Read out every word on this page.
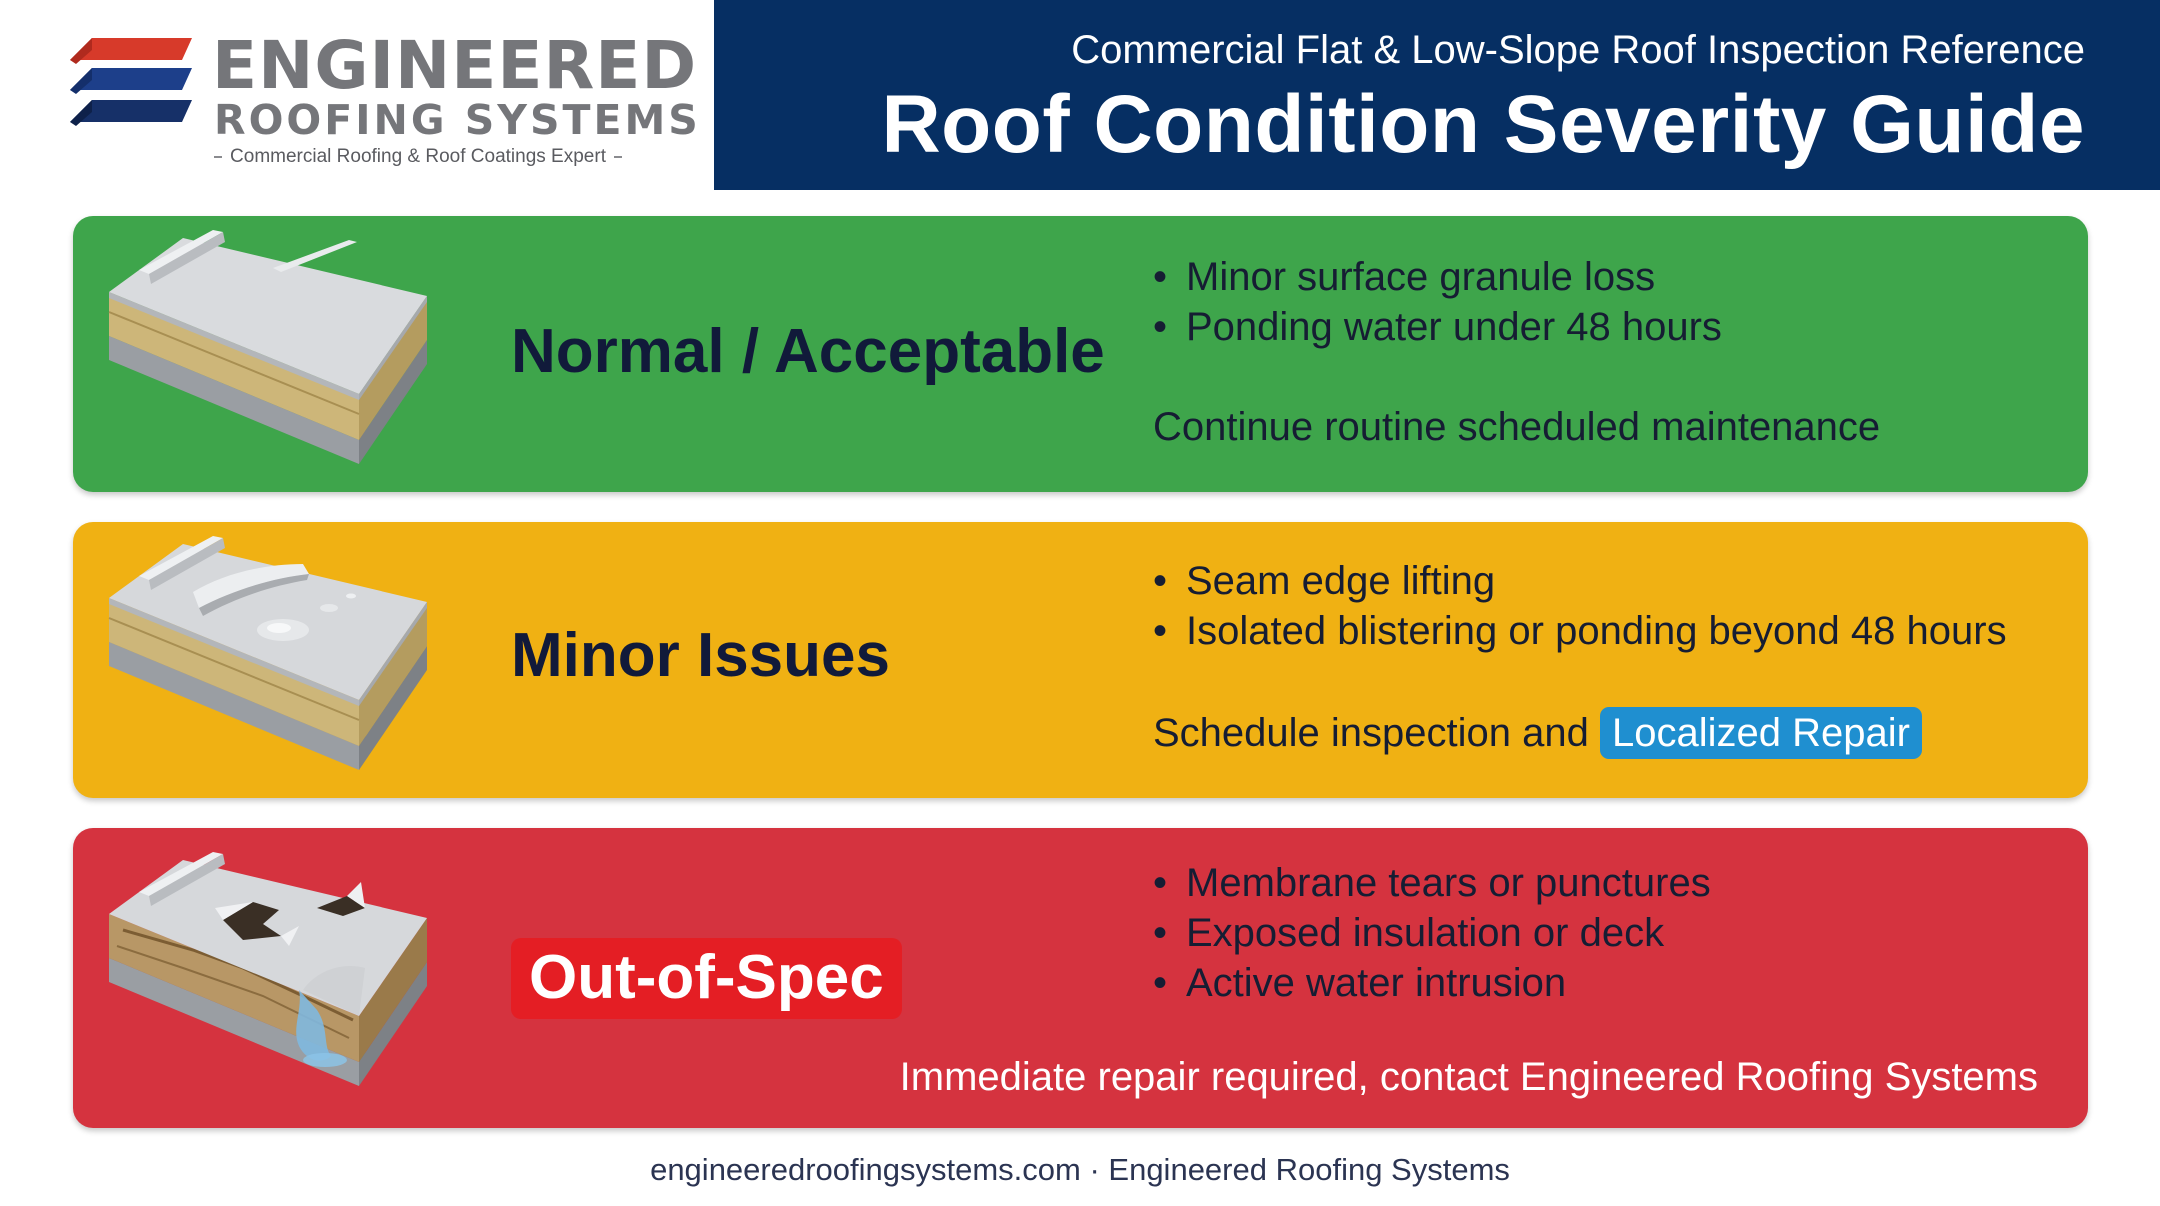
ENGINEERED
ROOFING SYSTEMS
Commercial Roofing & Roof Coatings Expert
Commercial Flat & Low-Slope Roof Inspection Reference
Roof Condition Severity Guide
Normal / Acceptable
• Minor surface granule loss
• Ponding water under 48 hours
Continue routine scheduled maintenance
Minor Issues
• Seam edge lifting
• Isolated blistering or ponding beyond 48 hours
Schedule inspection and Localized Repair
Out-of-Spec
• Membrane tears or punctures
• Exposed insulation or deck
• Active water intrusion
Immediate repair required, contact Engineered Roofing Systems
engineeredroofingsystems.com · Engineered Roofing Systems
